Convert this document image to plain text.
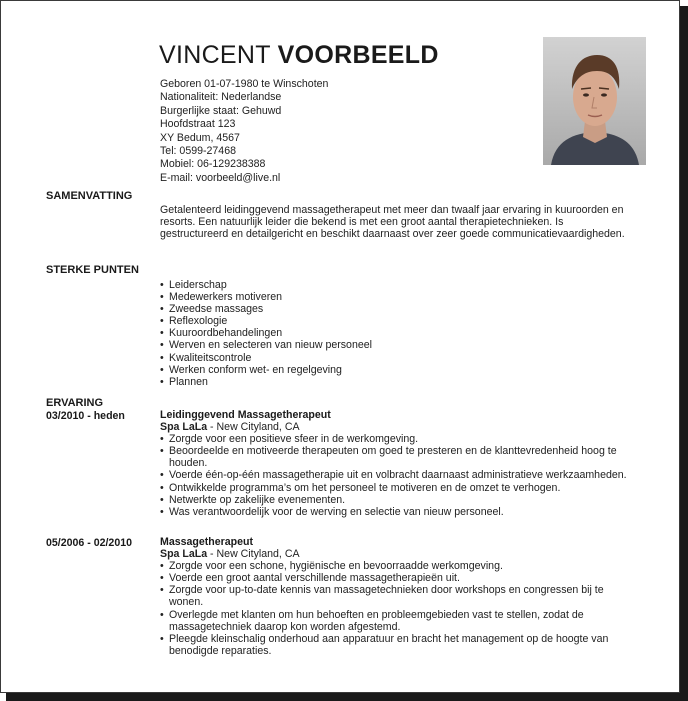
VINCENT VOORBEELD
Geboren 01-07-1980 te Winschoten
Nationaliteit: Nederlandse
Burgerlijke staat: Gehuwd
Hoofdstraat 123
XY Bedum, 4567
Tel: 0599-27468
Mobiel: 06-129238388
E-mail: voorbeeld@live.nl
SAMENVATTING
Getalenteerd leidinggevend massagetherapeut met meer dan twaalf jaar ervaring in kuuroorden en resorts. Een natuurlijk leider die bekend is met een groot aantal therapietechnieken. Is gestructureerd en detailgericht en beschikt daarnaast over zeer goede communicatievaardigheden.
STERKE PUNTEN
• Leiderschap
• Medewerkers motiveren
• Zweedse massages
• Reflexologie
• Kuuroordbehandelingen
• Werven en selecteren van nieuw personeel
• Kwaliteitscontrole
• Werken conform wet- en regelgeving
• Plannen
ERVARING
03/2010 - heden	Leidinggevend Massagetherapeut
Spa LaLa - New Cityland, CA
• Zorgde voor een positieve sfeer in de werkomgeving.
• Beoordeelde en motiveerde therapeuten om goed te presteren en de klanttevredenheid hoog te houden.
• Voerde één-op-één massagetherapie uit en volbracht daarnaast administratieve werkzaamheden.
• Ontwikkelde programma’s om het personeel te motiveren en de omzet te verhogen.
• Netwerkte op zakelijke evenementen.
• Was verantwoordelijk voor de werving en selectie van nieuw personeel.
05/2006 - 02/2010	Massagetherapeut
Spa LaLa - New Cityland, CA
• Zorgde voor een schone, hygiënische en bevoorraadde werkomgeving.
• Voerde een groot aantal verschillende massagetherapieën uit.
• Zorgde voor up-to-date kennis van massagetechnieken door workshops en congressen bij te wonen.
• Overlegde met klanten om hun behoeften en probleemgebieden vast te stellen, zodat de massagetechniek daarop kon worden afgestemd.
• Pleegde kleinschalig onderhoud aan apparatuur en bracht het management op de hoogte van benodigde reparaties.
